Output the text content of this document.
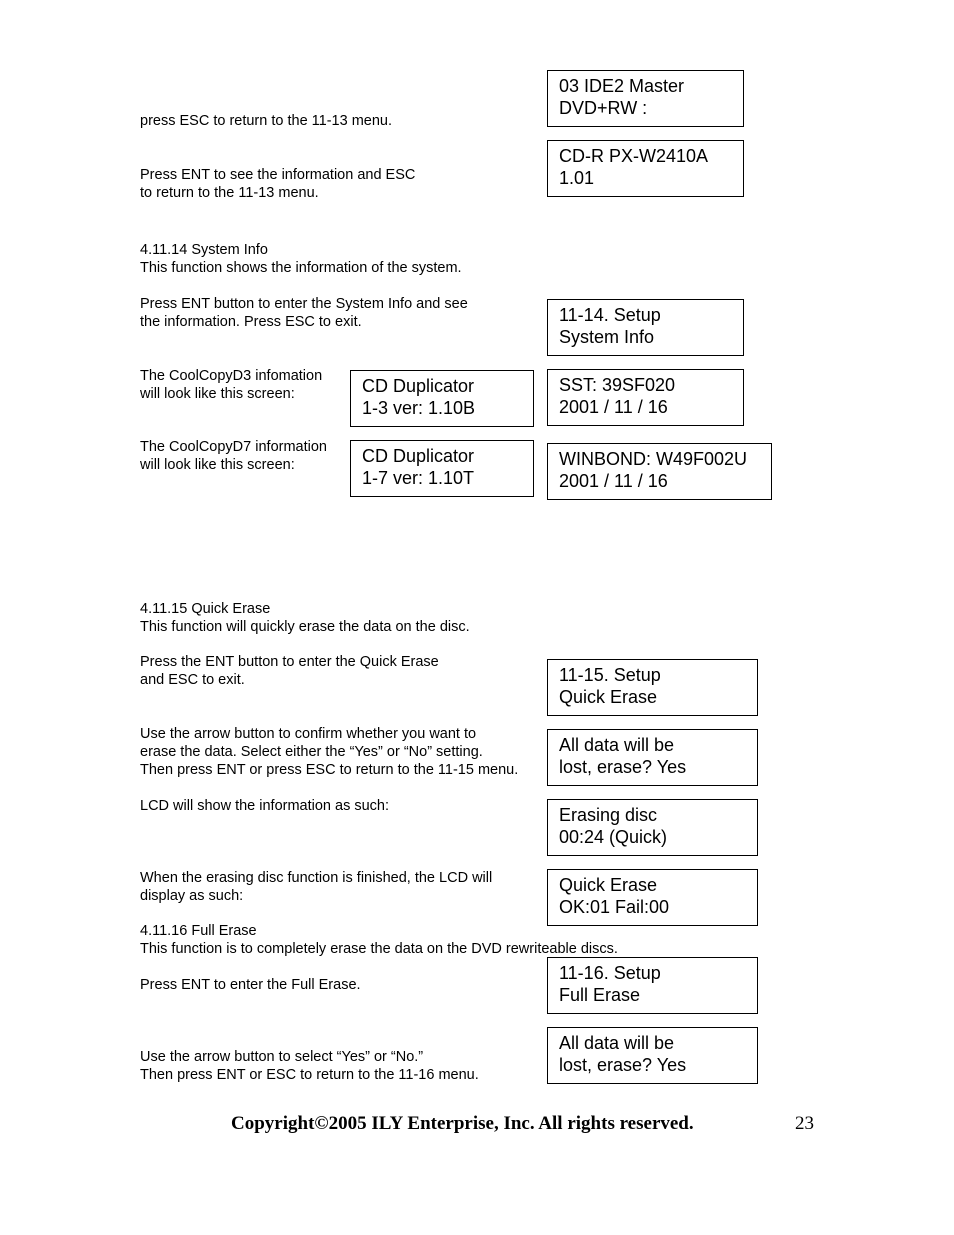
press ESC to return to the 11-13 menu.
Press ENT to see the information and ESC
to return to the 11-13 menu.
4.11.14 System Info
This function shows the information of the system.
Press ENT button to enter the System Info and see
the information. Press ESC to exit.
The CoolCopyD3 infomation
will look like this screen:
The CoolCopyD7 information
will look like this screen:
4.11.15 Quick Erase
This function will quickly erase the data on the disc.
Press the ENT button to enter the Quick Erase
and ESC to exit.
Use the arrow button to confirm whether you want to
erase the data. Select either the “Yes” or “No” setting.
Then press ENT or press ESC to return to the 11-15 menu.
LCD will show the information as such:
When the erasing disc function is finished, the LCD will
display as such:
4.11.16 Full Erase
This function is to completely erase the data on the DVD rewriteable discs.
Press ENT to enter the Full Erase.
Use the arrow button to select “Yes” or “No.”
Then press ENT or ESC to return to the 11-16 menu.
03 IDE2 Master
DVD+RW :
CD-R PX-W2410A
1.01
11-14. Setup
System Info
CD Duplicator
1-3 ver: 1.10B
SST: 39SF020
2001 / 11 / 16
CD Duplicator
1-7 ver: 1.10T
WINBOND: W49F002U
2001 / 11 / 16
11-15. Setup
Quick Erase
All data will be
lost, erase? Yes
Erasing disc
00:24 (Quick)
Quick Erase
OK:01 Fail:00
11-16. Setup
Full Erase
All data will be
lost, erase? Yes
Copyright©2005 ILY Enterprise, Inc. All rights reserved.	23
